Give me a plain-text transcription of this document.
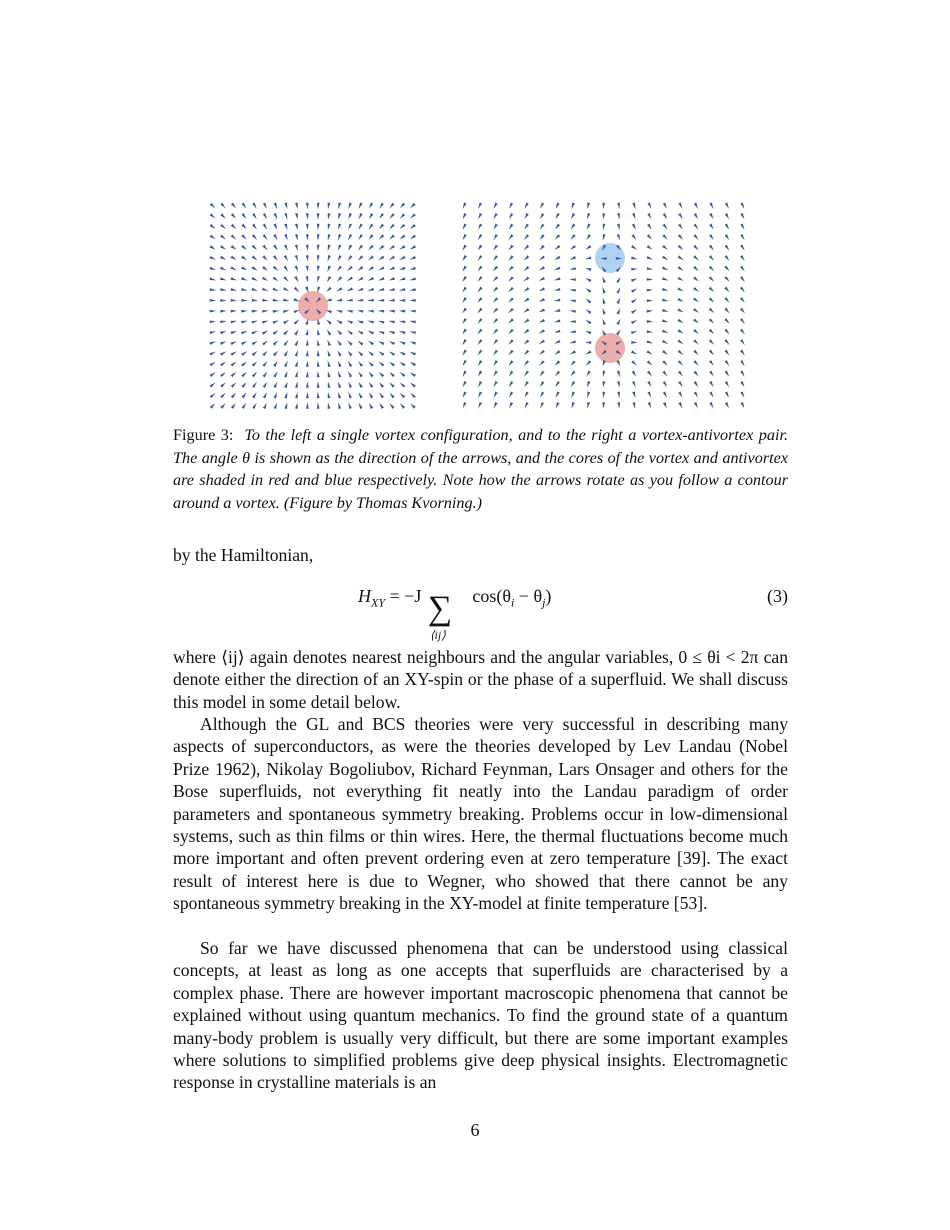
Figure 3: To the left a single vortex configuration, and to the right a vortex-antivortex pair. The angle θ is shown as the direction of the arrows, and the cores of the vortex and antivortex are shaded in red and blue respectively. Note how the arrows rotate as you follow a contour around a vortex. (Figure by Thomas Kvorning.)

by the Hamiltonian,

$H_{XY} = -J$ ∑
⟨ij⟩
$\cos(\theta_i - \theta_j)$	(3)

where ⟨ij⟩ again denotes nearest neighbours and the angular variables, 0 ≤ θi < 2π can denote either the direction of an XY-spin or the phase of a superfluid. We shall discuss this model in some detail below.

Although the GL and BCS theories were very successful in describing many aspects of superconductors, as were the theories developed by Lev Landau (Nobel Prize 1962), Nikolay Bogoliubov, Richard Feynman, Lars Onsager and others for the Bose superfluids, not everything fit neatly into the Landau paradigm of order parameters and spontaneous symmetry breaking. Problems occur in low-dimensional systems, such as thin films or thin wires. Here, the thermal fluctuations become much more important and often prevent ordering even at zero temperature [39]. The exact result of interest here is due to Wegner, who showed that there cannot be any spontaneous symmetry breaking in the XY-model at finite temperature [53].

So far we have discussed phenomena that can be understood using classical concepts, at least as long as one accepts that superfluids are characterised by a complex phase. There are however important macroscopic phenomena that cannot be explained without using quantum mechanics. To find the ground state of a quantum many-body problem is usually very difficult, but there are some important examples where solutions to simplified problems give deep physical insights. Electromagnetic response in crystalline materials is an

6
